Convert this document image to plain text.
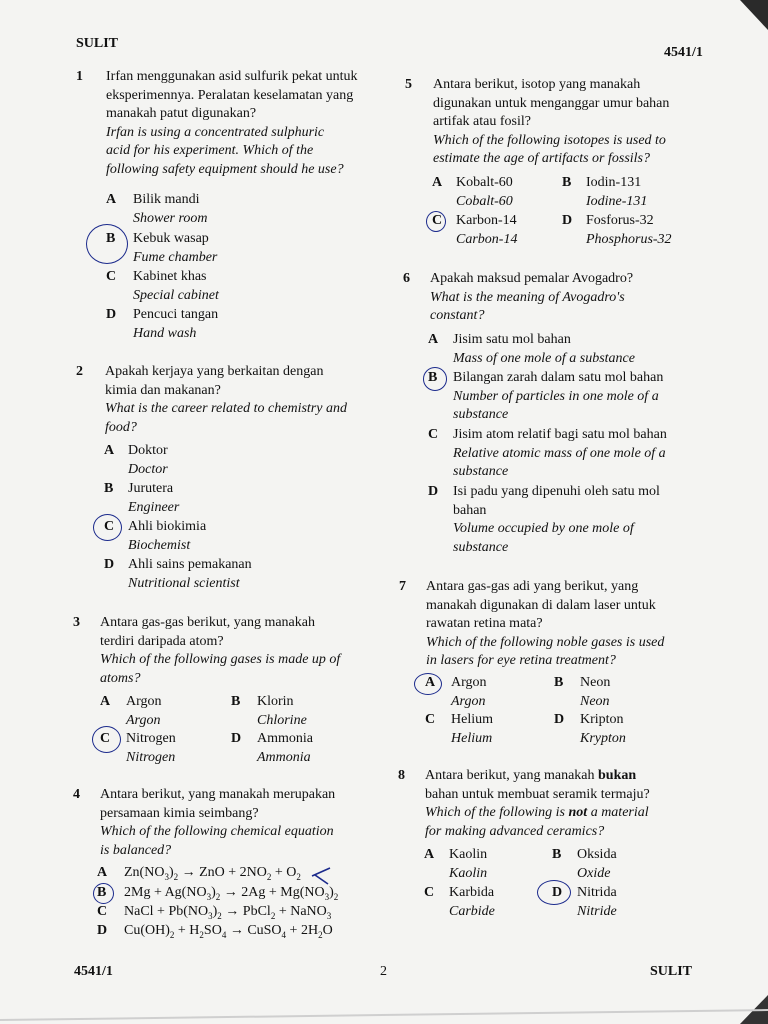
SULIT
4541/1
1 Irfan menggunakan asid sulfurik pekat untuk
eksperimennya. Peralatan keselamatan yang
manakah patut digunakan?
Irfan is using a concentrated sulphuric
acid for his experiment. Which of the
following safety equipment should he use?
A Bilik mandi
Shower room
B Kebuk wasap
Fume chamber
C Kabinet khas
Special cabinet
D Pencuci tangan
Hand wash
2 Apakah kerjaya yang berkaitan dengan
kimia dan makanan?
What is the career related to chemistry and
food?
A Doktor
Doctor
B Jurutera
Engineer
C Ahli biokimia
Biochemist
D Ahli sains pemakanan
Nutritional scientist
3 Antara gas-gas berikut, yang manakah
terdiri daripada atom?
Which of the following gases is made up of
atoms?
A Argon
Argon
B Klorin
Chlorine
C Nitrogen
Nitrogen
D Ammonia
Ammonia
4 Antara berikut, yang manakah merupakan
persamaan kimia seimbang?
Which of the following chemical equation
is balanced?
A $Zn(NO_3)_2$ → ZnO + $2NO_2 + O_2$
B $2Mg + Ag(NO_3)_2 \to 2Ag + Mg(NO_3)_2$
C NaCl + $Pb(NO_3)_2$ → PbCl$_2$ + NaNO$_3$
D $Cu(OH)_2 + H_2SO_4$ → CuSO$_4$ + $2H_2O$
5 Antara berikut, isotop yang manakah
digunakan untuk menganggar umur bahan
artifak atau fosil?
Which of the following isotopes is used to
estimate the age of artifacts or fossils?
A Kobalt-60
Cobalt-60
B Iodin-131
Iodine-131
C Karbon-14
Carbon-14
D Fosforus-32
Phosphorus-32
6 Apakah maksud pemalar Avogadro?
What is the meaning of Avogadro's
constant?
A Jisim satu mol bahan
Mass of one mole of a substance
B Bilangan zarah dalam satu mol bahan
Number of particles in one mole of a
substance
C Jisim atom relatif bagi satu mol bahan
Relative atomic mass of one mole of a
substance
D Isi padu yang dipenuhi oleh satu mol
bahan
Volume occupied by one mole of
substance
7 Antara gas-gas adi yang berikut, yang
manakah digunakan di dalam laser untuk
rawatan retina mata?
Which of the following noble gases is used
in lasers for eye retina treatment?
A Argon
Argon
B Neon
Neon
C Helium
Helium
D Kripton
Krypton
8 Antara berikut, yang manakah bukan
bahan untuk membuat seramik termaju?
Which of the following is not a material
for making advanced ceramics?
A Kaolin
Kaolin
B Oksida
Oxide
C Karbida
Carbide
D Nitrida
Nitride
4541/1	2	SULIT
